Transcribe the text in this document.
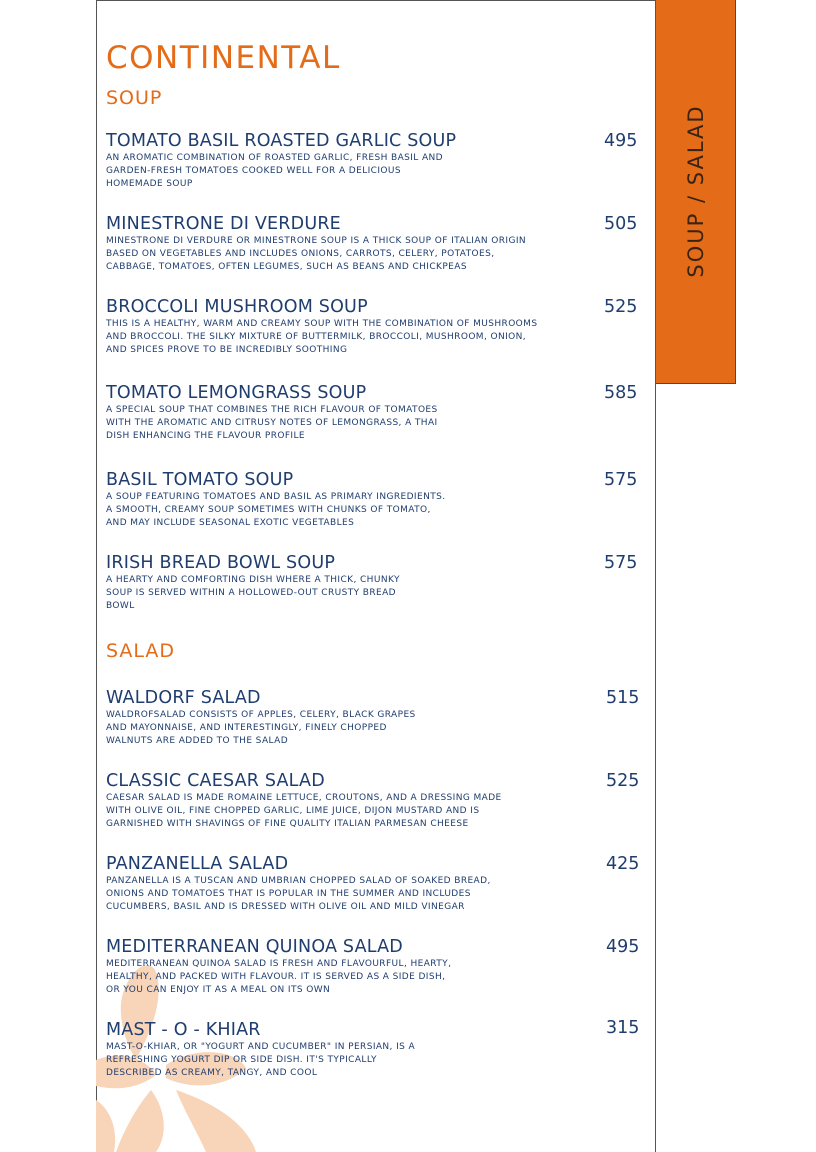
SOUP / SALAD
CONTINENTAL
SOUP
TOMATO BASIL ROASTED GARLIC SOUP	495
AN AROMATIC COMBINATION OF ROASTED GARLIC, FRESH BASIL AND
GARDEN-FRESH TOMATOES COOKED WELL FOR A DELICIOUS
HOMEMADE SOUP
MINESTRONE DI VERDURE	505
MINESTRONE DI VERDURE OR MINESTRONE SOUP IS A THICK SOUP OF ITALIAN ORIGIN
BASED ON VEGETABLES AND INCLUDES ONIONS, CARROTS, CELERY, POTATOES,
CABBAGE, TOMATOES, OFTEN LEGUMES, SUCH AS BEANS AND CHICKPEAS
BROCCOLI MUSHROOM SOUP	525
THIS IS A HEALTHY, WARM AND CREAMY SOUP WITH THE COMBINATION OF MUSHROOMS
AND BROCCOLI. THE SILKY MIXTURE OF BUTTERMILK, BROCCOLI, MUSHROOM, ONION,
AND SPICES PROVE TO BE INCREDIBLY SOOTHING
TOMATO LEMONGRASS SOUP	585
A SPECIAL SOUP THAT COMBINES THE RICH FLAVOUR OF TOMATOES
WITH THE AROMATIC AND CITRUSY NOTES OF LEMONGRASS, A THAI
DISH ENHANCING THE FLAVOUR PROFILE
BASIL TOMATO SOUP	575
A SOUP FEATURING TOMATOES AND BASIL AS PRIMARY INGREDIENTS.
A SMOOTH, CREAMY SOUP SOMETIMES WITH CHUNKS OF TOMATO,
AND MAY INCLUDE SEASONAL EXOTIC VEGETABLES
IRISH BREAD BOWL SOUP	575
A HEARTY AND COMFORTING DISH WHERE A THICK, CHUNKY
SOUP IS SERVED WITHIN A HOLLOWED-OUT CRUSTY BREAD
BOWL
SALAD
WALDORF SALAD	515
WALDROFSALAD CONSISTS OF APPLES, CELERY, BLACK GRAPES
AND MAYONNAISE, AND INTERESTINGLY, FINELY CHOPPED
WALNUTS ARE ADDED TO THE SALAD
CLASSIC CAESAR SALAD	525
CAESAR SALAD IS MADE ROMAINE LETTUCE, CROUTONS, AND A DRESSING MADE
WITH OLIVE OIL, FINE CHOPPED GARLIC, LIME JUICE, DIJON MUSTARD AND IS
GARNISHED WITH SHAVINGS OF FINE QUALITY ITALIAN PARMESAN CHEESE
PANZANELLA SALAD	425
PANZANELLA IS A TUSCAN AND UMBRIAN CHOPPED SALAD OF SOAKED BREAD,
ONIONS AND TOMATOES THAT IS POPULAR IN THE SUMMER AND INCLUDES
CUCUMBERS, BASIL AND IS DRESSED WITH OLIVE OIL AND MILD VINEGAR
MEDITERRANEAN QUINOA SALAD	495
MEDITERRANEAN QUINOA SALAD IS FRESH AND FLAVOURFUL, HEARTY,
HEALTHY, AND PACKED WITH FLAVOUR. IT IS SERVED AS A SIDE DISH,
OR YOU CAN ENJOY IT AS A MEAL ON ITS OWN
MAST - O - KHIAR	315
MAST-O-KHIAR, OR "YOGURT AND CUCUMBER" IN PERSIAN, IS A
REFRESHING YOGURT DIP OR SIDE DISH. IT'S TYPICALLY
DESCRIBED AS CREAMY, TANGY, AND COOL
